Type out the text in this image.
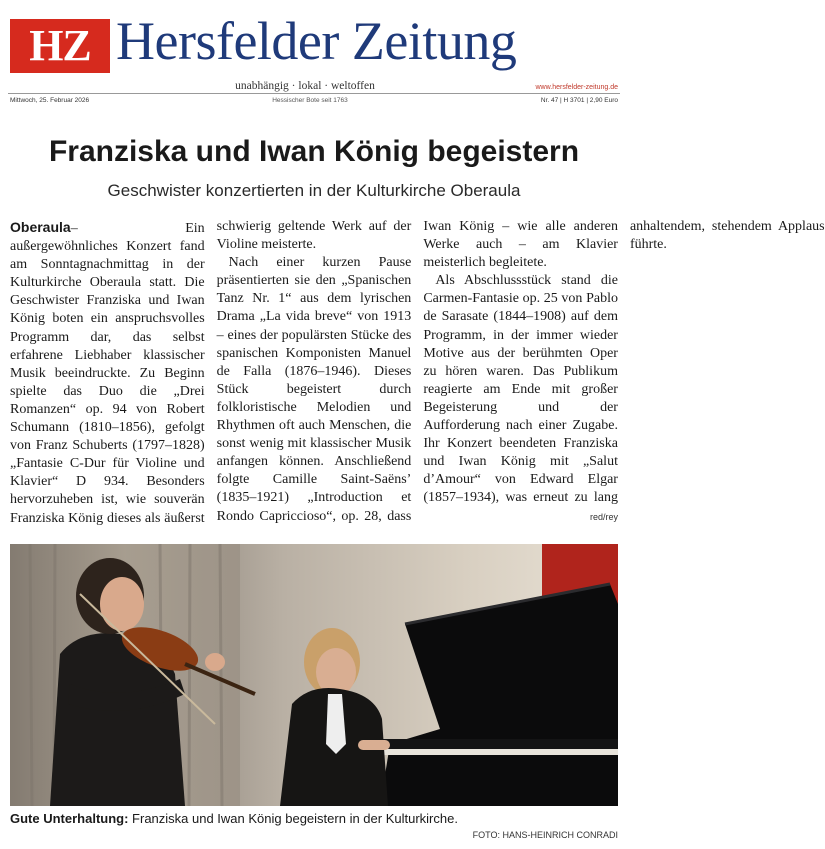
HZ Hersfelder Zeitung
unabhängig · lokal · weltoffen	www.hersfelder-zeitung.de
Mittwoch, 25. Februar 2026	Hessischer Bote seit 1763	Nr. 47 | H 3701 | 2,90 Euro
Franziska und Iwan König begeistern
Geschwister konzertierten in der Kulturkirche Oberaula

Oberaula– Ein außergewöhnliches Konzert fand am Sonntagnachmittag in der Kulturkirche Oberaula statt. Die Geschwister Franziska und Iwan König boten ein anspruchsvolles Programm dar, das selbst erfahrene Liebhaber klassischer Musik beeindruckte. Zu Beginn spielte das Duo die „Drei Romanzen“ op. 94 von Robert Schumann (1810–1856), gefolgt von Franz Schuberts (1797–1828) „Fantasie C-Dur für Violine und Klavier“ D 934. Besonders hervorzuheben ist, wie souverän Franziska König dieses als äußerst schwierig geltende Werk auf der Violine meisterte.

Nach einer kurzen Pause präsentierten sie den „Spanischen Tanz Nr. 1“ aus dem lyrischen Drama „La vida breve“ von 1913 – eines der populärsten Stücke des spanischen Komponisten Manuel de Falla (1876–1946). Dieses Stück begeistert durch folkloristische Melodien und Rhythmen oft auch Menschen, die sonst wenig mit klassischer Musik anfangen können. Anschließend folgte Camille Saint-Saëns’ (1835–1921) „Introduction et Rondo Capriccioso“, op. 28, dass Iwan König – wie alle anderen Werke auch – am Klavier meisterlich begleitete.

Als Abschlussstück stand die Carmen-Fantasie op. 25 von Pablo de Sarasate (1844–1908) auf dem Programm, in der immer wieder Motive aus der berühmten Oper zu hören waren. Das Publikum reagierte am Ende mit großer Begeisterung und der Aufforderung nach einer Zugabe. Ihr Konzert beendeten Franziska und Iwan König mit „Salut d’Amour“ von Edward Elgar (1857–1934), was erneut zu lang anhaltendem, stehendem Applaus führte.

red/rey
Gute Unterhaltung: Franziska und Iwan König begeistern in der Kulturkirche.
FOTO: HANS-HEINRICH CONRADI
